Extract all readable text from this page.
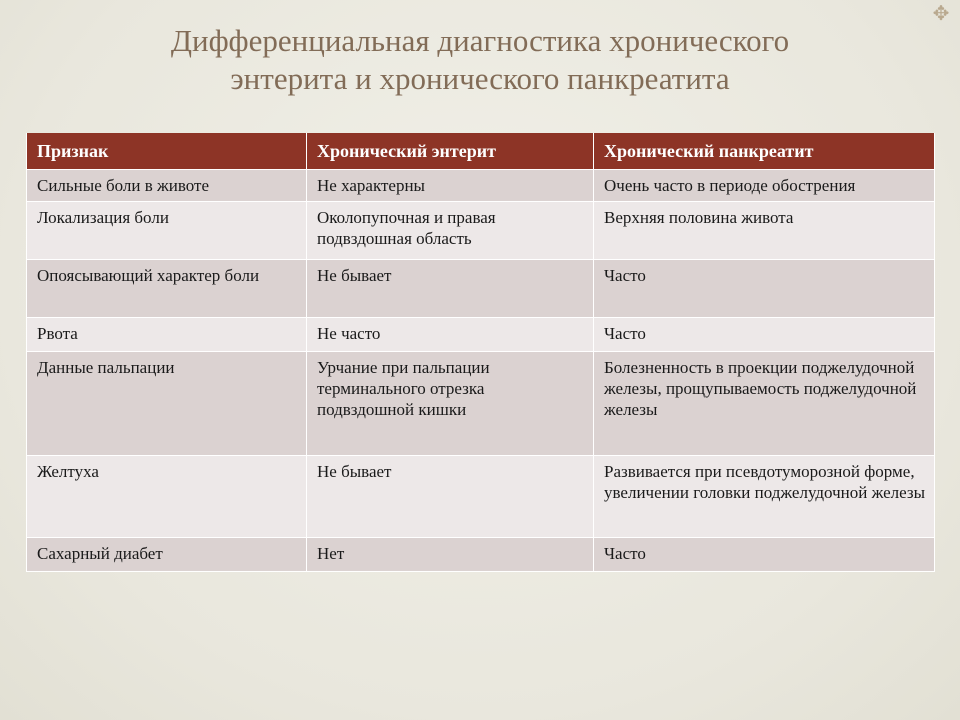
✥
Дифференциальная диагностика хронического
энтерита и хронического панкреатита
Признак	Хронический энтерит	Хронический панкреатит
Сильные боли в животе	Не характерны	Очень часто в периоде обострения
Локализация боли	Околопупочная и правая подвздошная область	Верхняя половина живота
Опоясывающий характер боли	Не бывает	Часто
Рвота	Не часто	Часто
Данные пальпации	Урчание при пальпации терминального отрезка подвздошной кишки	Болезненность в проекции поджелудочной железы, прощупываемость поджелудочной железы
Желтуха	Не бывает	Развивается при псевдотуморозной форме, увеличении головки поджелудочной железы
Сахарный диабет	Нет	Часто
